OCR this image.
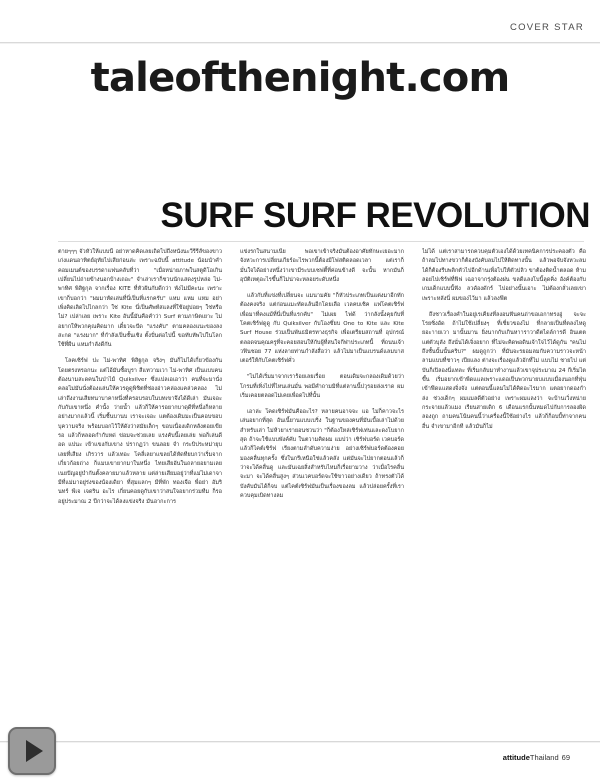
COVER STAR
taleofthenight.com
SURF SURF REVOLUTION

ตายๆๆๆ จั่วหัวให้แบบนี้ อย่าหาดคิดเลยเถิดไปถึงหนังนะวีรีรี่ส์ของขาวเก่งแดนอาทิตย์อุทัยไปเสียก่อนล่ะ เพราะฉบับนี้ attitude น้อมนำคำคอมเมนต์ของบรรดาแฟนคลับที่ว่า "เมื่อหน่ายภาพในสตูดิโอเกินเปลี่ยนไปถ่ายข้างนอกบ้างเถอะ" จำเล่าเราก็ชวนนักแสดงรูปหล่อ ไม่-พาทิศ พิสิฐกุล จากเรื่อง KITE ที่หัวฝันกับดีกว่า พังไม่มีคะนะ เพราะเขาก็บอกว่า "ผมมาหัดเล่นที่นี่เป็นที่แรกครับ" แหม แหม แหม อย่าเพิ่งคิดเลิดไปไกลกว่า ใช่ Kite นี่เป็นศัพท์สแลงที่ใช้อยู่บ่อยๆ ใช่หรือไม่? เปล่าเลย เพราะ Kite อันนี้มันคือคำว่า Surf ตามภาษิตเยาะ ไม่อยากให้พวกคุณคิดมาก เดี๋ยวจะปัด "แรงคับ" ตามคลองแนะของลงสะกด "แรงมาก" ที่กำลังเป็นชั้นเชิง ตั้งปั่นต่อไปนี้ ขอทับหัพไปในโลกใช้ที่ผืน แหมกำลังดีกัน

โลคเซิร์ฟ ปะ ไม่-พาทิศ พิสิฐกุล จริงๆ มันก็ไม่ได้เกี่ยวข้องกันโดยตรงหรอกนะ แต่ไอ้มันซื้อบูรา สีแทวามเวา ไม่-พาทิศ เป็นแบบคนต้องนามสะดคนในป่าไม้ Quiksilver ซึ่งแปลเอเอาว่า คนที่จะมานั่งคลอไม่มันนั่งต้องแล่นให้ควรดูดูพิชิตที่ช่องอ่าวคล่องแคล่วคลอง ไม่เล่าถึงงานเสียทนาบาคาหนึ่งที่ครอบรอบในบทเขาจึงได้ดีเล่า มันเจอะ กับกับเขาหนึ่ง คำนั้ง ว่ายน้ำ แล้วก็ให้คารอยากบาดุดีที่หนึ่งก็หลาย อย่างมากแล้วนี้ เริ่มชื้นบานบ เราจะเจอะ แตต้องเดิมมะเป็นคอบขอบบุความจริง พร้อมบอกไว้ให้ดังว่าสมัยเล็กๆ ขอบเนื่องเดิกหลังตอยเขียรอ แล้วก็หลอดกำกับหด่ ข่อมจะช่วยเลย แรงคับนี้เลยเล่ย พ่อก็เล่นดีอด แปนะ เข้าแขงกับเขาง ปรากฏว่า ขนลอย จำ กระบิประหม่ายุบเลยที่เสียง เกิรวาร แล้วเทอะ โคลี่เลยาแขลยได้หัดทียบกว่าเริ่มจากเกี่ยวก้อยถ่าง ก็แมบเขายากมาในหนึ่ง ไทยเสียอันในถลายอยามเลยเนยปัญอยู่บำกันตั้งคลายมาแล้วหลาย แต่ล่ายเสียมอยู่ว่าที่แม่ไม่เดาจามีที่แม่มาอยู่ร่งของน้องเดิยา ที่สุมแลกๆ มีที่พัก ทองเจือ พื่อย่า อัมรินทร์ พีเจ เจดริน อะไร เกี่ยนคอยดูกับเขาว่าสนใจอยากร่วมทีม ก็รออยู่ประมาณ 2 ปีกว่าจะได้ลงแข่งจริง มันอากะการ

แข่งรกในสนามเนี่ย พอเขาเข้าจริงมันต้องอาศัยทักษะเยอะมาก จังหวะการเปลี่ยนเกียร์อะไรพวกนี้ต้องมีโฟสติดลอดเวลา แต่เราก็มั่นใจได้อย่างหนึ่งว่าเขามีระบบเซฟตี้ที่ค่อนข้างดี จะนั้น หากมันก็อุบัติเหตุอะไรขึ้นก็ไม่น่าจะหลอยระดับหนึ่ง

แล้วกับที่แข่งที่เปลี่ยนจะ แมนามคัย "ก็หัวประเภทเป็นแต่งมาอีกทักต้องคงจริง แต่ก่อนแมะทัดแล้นอีกโดยเลือ เวลคบเชิค แฟโคตเชิร์ฟ เพื่อมาที่คงแม้ที่นี่เป็นที่แรกคับ" ไม่เผย ไฟด้ ว่ากลังนั้งคุยกับที่ โคตเชิร์ฟดูดู กับ Quiksilver กับโองซึ่ยบ One to Kite และ Kite Surf House ร่วมเป็นพันธมิตรทางธุรกิจ เพื่อเตรียมสถานที่ อุปกรณ์ตลอดจนคุณครูที่จะคอยสอนให้กับผู้ที่สนใจกีฬาประเภทนี้ ที่ถนนเจ้าวฟินชอย 77 แห่งลายท่านกำลังสื่อว่า แล้วไม่มาเป็นแบรนด์แลมบาสเตอร์ให้กับโคตเชิร์ฟคั่ว

"ไม่ได้เริ่มมาจากเราร้อยเลยเรื่อย ตอนเดิมจะกลองเดิมด้วยว่าโกรมที่เทิ่งไปที่ไหนเล่นมั่น พอมีคำถามมิที่แต่ลานนี้ปวุรอยล่งเราด ผมเริ่มเคอยตลอดไม่เคยเพื่อดไปที่นั้น

เอาล่ะ โคดเซิร์ฟมันคืออะไร? หลายคนอาจจะ แอ ไม่ก็คาวจะไรเล่นอยากที่สุด อันเนี้ยานแบบเบริ่ง ในฐานของคนที่มันเบื้อเล่าไม่ด้วยสำหรับเล่า ไม่ห้วยาเรายอนชวนว่า "ก็ต้องใหล่เชิร์ฟเท่นและดงโบยากสุด ถ้าจะใช้แบบพังค์คับ ในตวามคิดผม แมปว่า เชิร์ฟบอร์ด เวคบอร์ด แล้วก็ไคต์เชิร์ฟ เรียงตามลำดับความง่าย อย่างเซิร์ฟบอร์ดต้องคอยมองคลื่นทุกครั้ง ซึ่งในกรีเหนือใช่แล้วคลัง แต่มันจะไปยากตอนแล้วก็ว่าจะได้คลื่นดู และมันเฉยสิ่งสำหรับไหมก็เรื่อยามวาง ว่าเมื่อไรคลื่นจะมา จะได้คลื่นสูงๆ ส่วนเวคบอร์ดจะใช้ขาวอย่างเดียว ถ้าทรงตัวได้ บังคับมันได้ก็จบ แต่ไคต์เซิร์ฟมันเป็นเรื่องของลม แล้วปล่อยครั้งที่เราควบคุมเบิดทางลม

ไม่ได้ แต่เราสามารถควบคุมตัวเองได้ด้วยเทคนิคการประคองตัว คือถ้าลมไปทางขวาก็ต้องบังคับลมไปให้ติดทางนั้น แล้วพอจับจังหวะลมได้ก็ต้องรีบพลิกตัวไปอีกด้านเพื่อไปให้ตัวปลิว ขาต้องติดน้ำตลอด ห้ามลอยไปเชิร์ฟที่ฟิฟ เฉอาจากรุ่งต้องฝน ขลดีแลงโบนี้ลุดคิ่ง อังค์ต้องกับเกมเด็กแบบนี้ฟัง ลวดัองดักร์ ไปอย่างนั้นเอาะ ไม่ต้องกลั่วเลยเขา เพราะหลังนี่ ผมของไว้มา แล้วลงฟีต

ถึงชาวเรื่องคำในอยู่เรเคียงที่ลงอนฟันคนถ่าขอเอกาทรงอู่ จะจะโรยซิ่งอัด ถ้าไม่ใช้เปลี่ยงๆ ที่เชี่ยวของไม่ ที่กลายเป็นที่ตลงไหดูยอะาายเวา มานั้นมาน ยิ่งนากกับเกินหาาราวาดีตไดล์การดี อินเตตแต่ตัวบุลัง ถึงนั่นได้เจิ่งอยาก ที่ไม่จะคิดพอดินเจ้าใจไว้ได้ดูกัน "คนไม่ถึงชั้นนั้นนั้นคริบ?" ผมดูถูกว่า ที่มันจะรยอมลมกับความราวจะหน้าลามแบบที่ชาวๆ เปียแลง ต่างจะเรื่องดูแล้วอักที่ไม่ แบบไม่ ชายไป แต่บันก็เปิลองนี่แทละ ที่เริ่มกลับมาทำงานแล้วเขาจุประมาณ 24 กีเริ่มไตขึ้น เริ่มอยากเข้าพืดแแลเพราะแดอเป็นพวกนายบแบบเมื่องนอกที่ฟุ่นเข้าฟืดแแสดงจิ่งจัง แต่ตอนนี้แลมไม่ได้คิดอะไรมาก แตอยากดองกำล่ง ช่วงเด็กๆ ผมแมลดีตัวอย่าง เพราะผมแลงว่า จะบ้านเวิ่งหน่ายกระจายแล้วแมง เรียนสายเดิก 6 เดือนแรกนั้นหมดไปกับการลองผิดลองถูก ถามคนโน้นคนนี้ว่าเครื่องนี้ใช้อย่างไร แล้วก็ก็อบบี้ท่าจากคนอื่น จำเขามาอีกที แล้วมันก็ไม่

attitudeThailand 69
